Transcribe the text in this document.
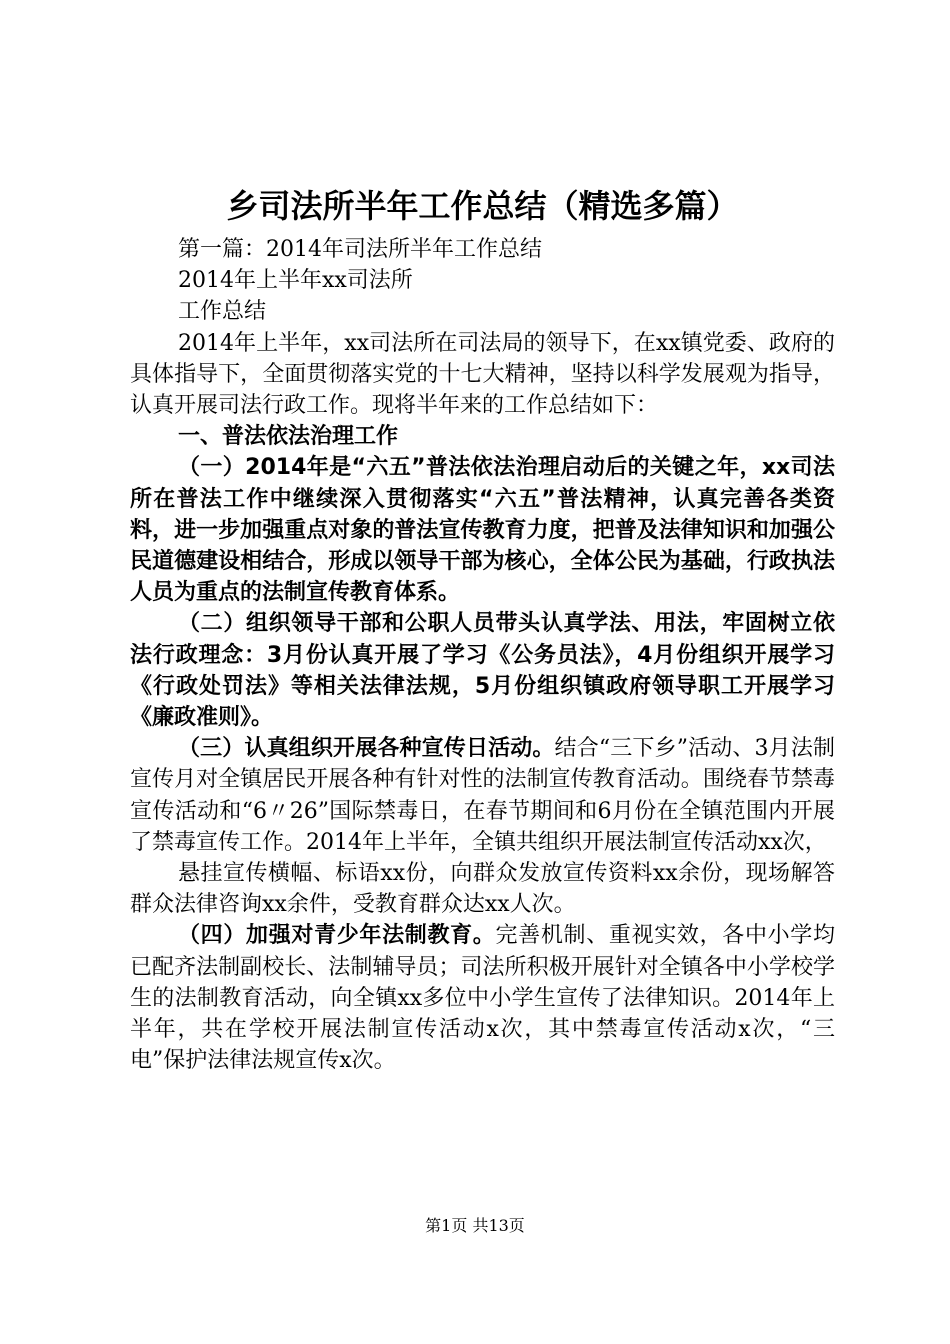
乡司法所半年工作总结（精选多篇）

第一篇：2014年司法所半年工作总结

2014年上半年xx司法所

工作总结

2014年上半年，xx司法所在司法局的领导下，在xx镇党委、政府的具体指导下，全面贯彻落实党的十七大精神，坚持以科学发展观为指导，认真开展司法行政工作。现将半年来的工作总结如下：

一、普法依法治理工作

（一）2014年是“六五”普法依法治理启动后的关键之年，xx司法所在普法工作中继续深入贯彻落实“六五”普法精神，认真完善各类资料，进一步加强重点对象的普法宣传教育力度，把普及法律知识和加强公民道德建设相结合，形成以领导干部为核心，全体公民为基础，行政执法人员为重点的法制宣传教育体系。

（二）组织领导干部和公职人员带头认真学法、用法，牢固树立依法行政理念：3月份认真开展了学习《公务员法》，4月份组织开展学习《行政处罚法》等相关法律法规，5月份组织镇政府领导职工开展学习《廉政准则》。

（三）认真组织开展各种宣传日活动。结合“三下乡”活动、3月法制宣传月对全镇居民开展各种有针对性的法制宣传教育活动。围绕春节禁毒宣传活动和“6〃26”国际禁毒日，在春节期间和6月份在全镇范围内开展了禁毒宣传工作。2014年上半年，全镇共组织开展法制宣传活动xx次，

悬挂宣传横幅、标语xx份，向群众发放宣传资料xx余份，现场解答群众法律咨询xx余件，受教育群众达xx人次。

（四）加强对青少年法制教育。完善机制、重视实效，各中小学均已配齐法制副校长、法制辅导员；司法所积极开展针对全镇各中小学校学生的法制教育活动，向全镇xx多位中小学生宣传了法律知识。2014年上半年，共在学校开展法制宣传活动x次，其中禁毒宣传活动x次，“三电”保护法律法规宣传x次。

第1页 共13页
